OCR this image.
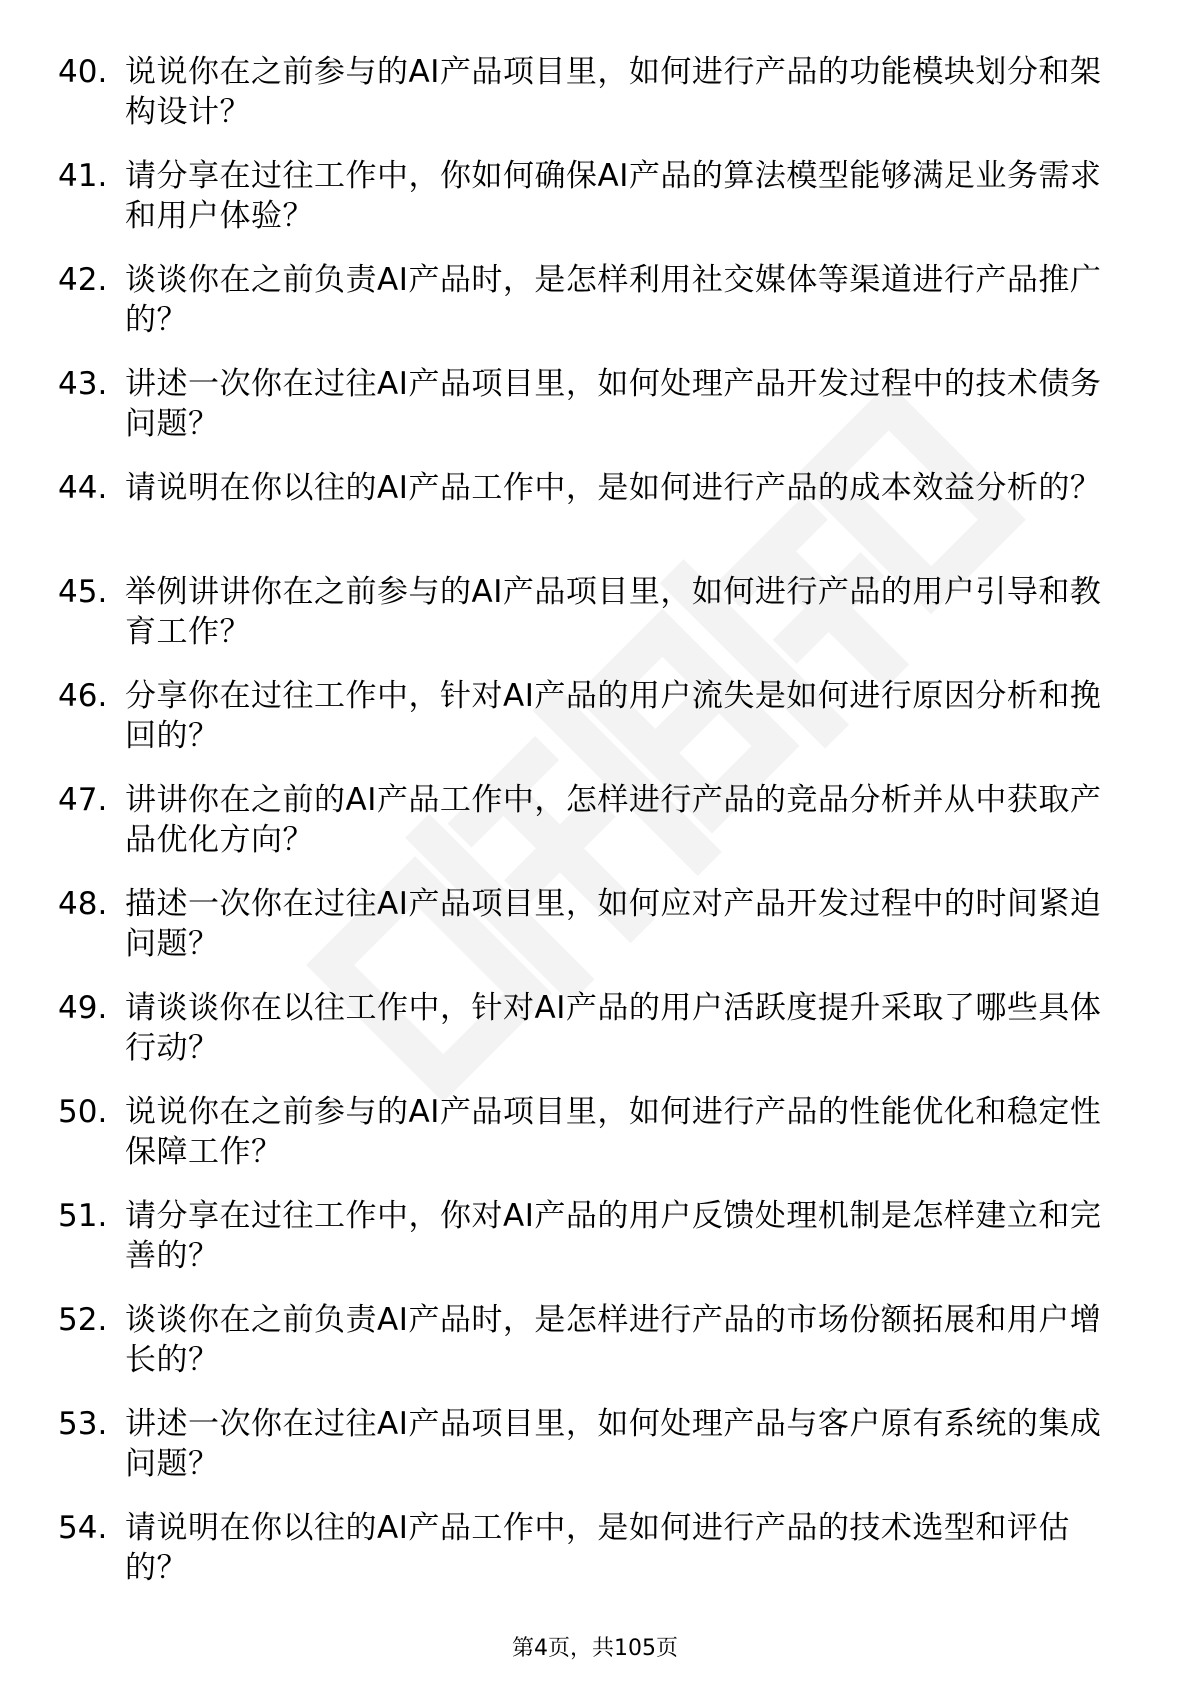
40. 说说你在之前参与的AI产品项目里，如何进行产品的功能模块划分和架构设计？
41. 请分享在过往工作中，你如何确保AI产品的算法模型能够满足业务需求和用户体验？
42. 谈谈你在之前负责AI产品时，是怎样利用社交媒体等渠道进行产品推广的？
43. 讲述一次你在过往AI产品项目里，如何处理产品开发过程中的技术债务问题？
44. 请说明在你以往的AI产品工作中，是如何进行产品的成本效益分析的？
45. 举例讲讲你在之前参与的AI产品项目里，如何进行产品的用户引导和教育工作？
46. 分享你在过往工作中，针对AI产品的用户流失是如何进行原因分析和挽回的？
47. 讲讲你在之前的AI产品工作中，怎样进行产品的竞品分析并从中获取产品优化方向？
48. 描述一次你在过往AI产品项目里，如何应对产品开发过程中的时间紧迫问题？
49. 请谈谈你在以往工作中，针对AI产品的用户活跃度提升采取了哪些具体行动？
50. 说说你在之前参与的AI产品项目里，如何进行产品的性能优化和稳定性保障工作？
51. 请分享在过往工作中，你对AI产品的用户反馈处理机制是怎样建立和完善的？
52. 谈谈你在之前负责AI产品时，是怎样进行产品的市场份额拓展和用户增长的？
53. 讲述一次你在过往AI产品项目里，如何处理产品与客户原有系统的集成问题？
54. 请说明在你以往的AI产品工作中，是如何进行产品的技术选型和评估的？
第4页，共105页
